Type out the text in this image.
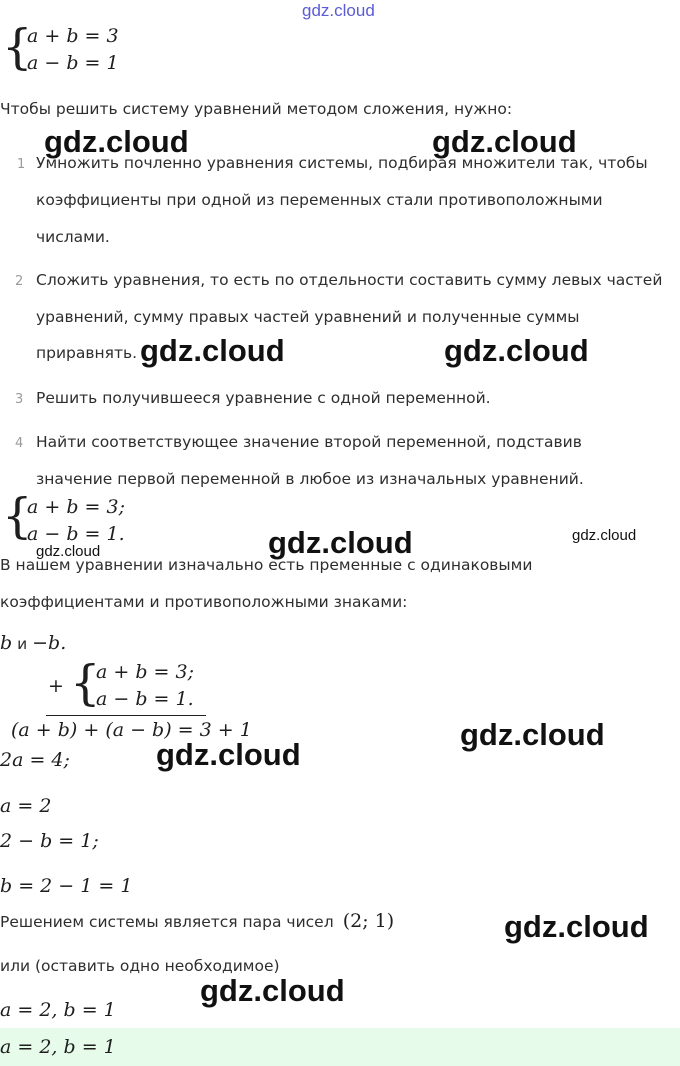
gdz.cloud
{
a + b = 3
a − b = 1
Чтобы решить систему уравнений методом сложения, нужно:
1 Умножить почленно уравнения системы, подбирая множители так, чтобы
коэффициенты при одной из переменных стали противоположными
числами.
2 Сложить уравнения, то есть по отдельности составить сумму левых частей
уравнений, сумму правых частей уравнений и полученные суммы
приравнять.
3 Решить получившееся уравнение с одной переменной.
4 Найти соответствующее значение второй переменной, подставив
значение первой переменной в любое из изначальных уравнений.
{
a + b = 3;
a − b = 1.
В нашем уравнении изначально есть пременные с одинаковыми
коэффициентами и противоположными знаками:
b и −b.
+ {
a + b = 3;
a − b = 1.
(a + b) + (a − b) = 3 + 1
2a = 4;
a = 2
2 − b = 1;
b = 2 − 1 = 1
Решением системы является пара чисел (2; 1)
или (оставить одно необходимое)
a = 2, b = 1
a = 2, b = 1
gdz.cloud	gdz.cloud
gdz.cloud	gdz.cloud
gdz.cloud
gdz.cloud	gdz.cloud
gdz.cloud
gdz.cloud
gdz.cloud
gdz.cloud
